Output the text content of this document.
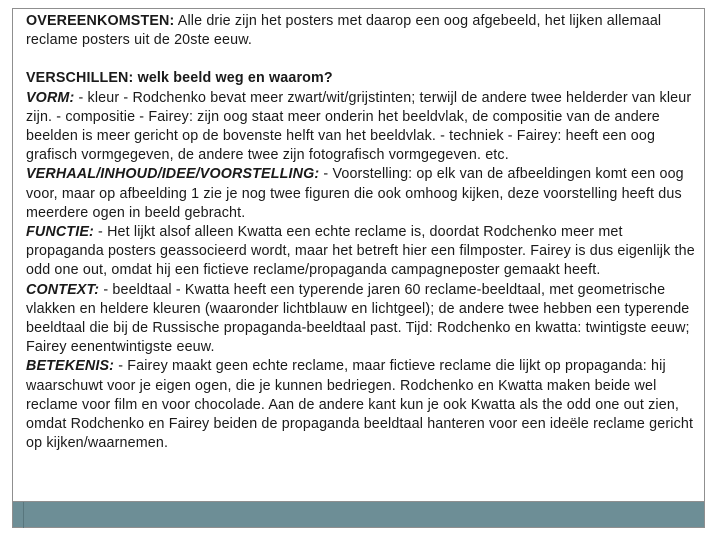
OVEREENKOMSTEN: Alle drie zijn het posters met daarop een oog afgebeeld, het lijken allemaal reclame posters uit de 20ste eeuw.

VERSCHILLEN: welk beeld weg en waarom?

VORM: - kleur - Rodchenko bevat meer zwart/wit/grijstinten; terwijl de andere twee helderder van kleur zijn. - compositie - Fairey: zijn oog staat meer onderin het beeldvlak, de compositie van de andere beelden is meer gericht op de bovenste helft van het beeldvlak. - techniek - Fairey: heeft een oog grafisch vormgegeven, de andere twee zijn fotografisch vormgegeven. etc.

VERHAAL/INHOUD/IDEE/VOORSTELLING: - Voorstelling: op elk van de afbeeldingen komt een oog voor, maar op afbeelding 1 zie je nog twee figuren die ook omhoog kijken, deze voorstelling heeft dus meerdere ogen in beeld gebracht.

FUNCTIE: - Het lijkt alsof alleen Kwatta een echte reclame is, doordat Rodchenko meer met propaganda posters geassocieerd wordt, maar het betreft hier een filmposter. Fairey is dus eigenlijk the odd one out, omdat hij een fictieve reclame/propaganda campagneposter gemaakt heeft.

CONTEXT: - beeldtaal - Kwatta heeft een typerende jaren 60 reclame-beeldtaal, met geometrische vlakken en heldere kleuren (waaronder lichtblauw en lichtgeel); de andere twee hebben een typerende beeldtaal die bij de Russische propaganda-beeldtaal past. Tijd: Rodchenko en kwatta: twintigste eeuw; Fairey eenentwintigste eeuw.

BETEKENIS: - Fairey maakt geen echte reclame, maar fictieve reclame die lijkt op propaganda: hij waarschuwt voor je eigen ogen, die je kunnen bedriegen. Rodchenko en Kwatta maken beide wel reclame voor film en voor chocolade. Aan de andere kant kun je ook Kwatta als the odd one out zien, omdat Rodchenko en Fairey beiden de propaganda beeldtaal hanteren voor een ideële reclame gericht op kijken/waarnemen.
